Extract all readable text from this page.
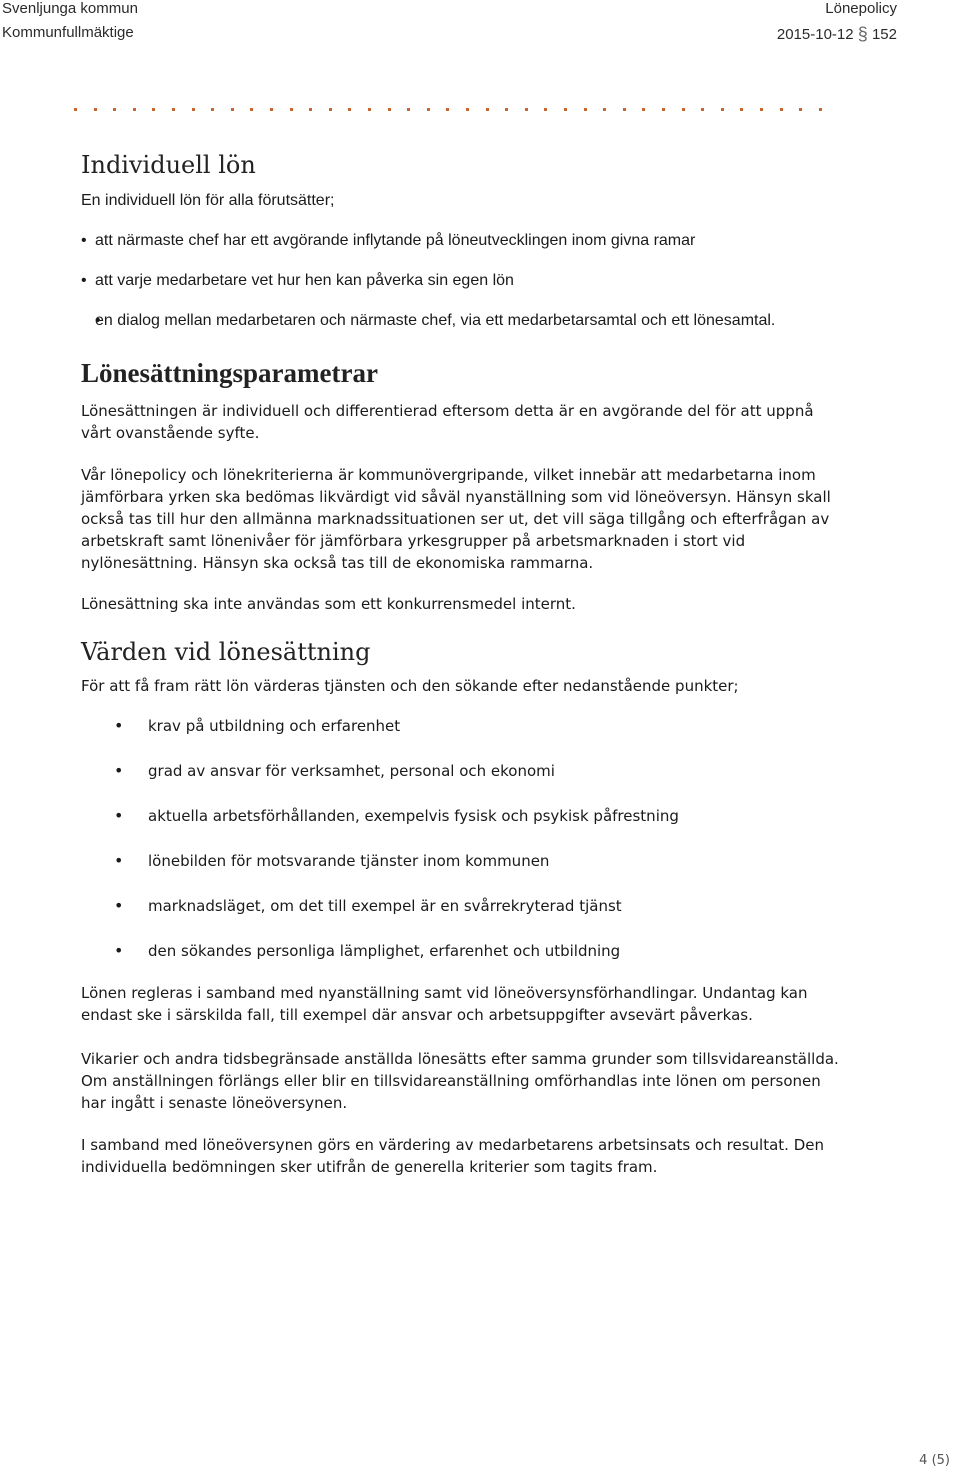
Svenljunga kommun
Kommunfullmäktige
Lönepolicy
2015-10-12 § 152
Individuell lön

En individuell lön för alla förutsätter;

• att närmaste chef har ett avgörande inflytande på löneutvecklingen inom givna ramar
• att varje medarbetare vet hur hen kan påverka sin egen lön
• en dialog mellan medarbetaren och närmaste chef, via ett medarbetarsamtal och ett lönesamtal.
Lönesättningsparametrar

Lönesättningen är individuell och differentierad eftersom detta är en avgörande del för att uppnå vårt ovanstående syfte.

Vår lönepolicy och lönekriterierna är kommunövergripande, vilket innebär att medarbetarna inom jämförbara yrken ska bedömas likvärdigt vid såväl nyanställning som vid löneöversyn. Hänsyn skall också tas till hur den allmänna marknadssituationen ser ut, det vill säga tillgång och efterfrågan av arbetskraft samt lönenivåer för jämförbara yrkesgrupper på arbetsmarknaden i stort vid nylönesättning. Hänsyn ska också tas till de ekonomiska rammarna.

Lönesättning ska inte användas som ett konkurrensmedel internt.

Värden vid lönesättning

För att få fram rätt lön värderas tjänsten och den sökande efter nedanstående punkter;

• krav på utbildning och erfarenhet
• grad av ansvar för verksamhet, personal och ekonomi
• aktuella arbetsförhållanden, exempelvis fysisk och psykisk påfrestning
• lönebilden för motsvarande tjänster inom kommunen
• marknadsläget, om det till exempel är en svårrekryterad tjänst
• den sökandes personliga lämplighet, erfarenhet och utbildning

Lönen regleras i samband med nyanställning samt vid löneöversynsförhandlingar. Undantag kan endast ske i särskilda fall, till exempel där ansvar och arbetsuppgifter avsevärt påverkas.

Vikarier och andra tidsbegränsade anställda lönesätts efter samma grunder som tillsvidareanställda. Om anställningen förlängs eller blir en tillsvidareanställning omförhandlas inte lönen om personen har ingått i senaste löneöversynen.

I samband med löneöversynen görs en värdering av medarbetarens arbetsinsats och resultat. Den individuella bedömningen sker utifrån de generella kriterier som tagits fram.

4 (5)
